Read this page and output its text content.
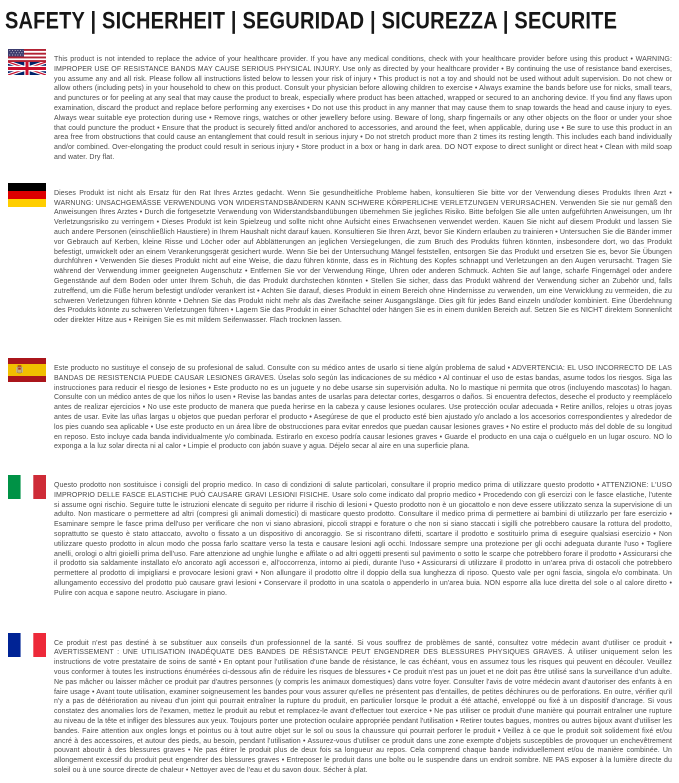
SAFETY | SICHERHEIT | SEGURIDAD | SICUREZZA | SECURITE

This product is not intended to replace the advice of your healthcare provider. If you have any medical conditions, check with your healthcare provider before using this product • WARNING: IMPROPER USE OF RESISTANCE BANDS MAY CAUSE SERIOUS PHYSICAL INJURY. Use only as directed by your healthcare provider • By continuing the use of resistance band exercises, you assume any and all risk. Please follow all instructions listed below to lessen your risk of injury • This product is not a toy and should not be used without adult supervision. Do not chew or allow others (including pets) in your household to chew on this product. Consult your physician before allowing children to exercise • Always examine the bands before use for nicks, small tears, and punctures or for peeling at any seal that may cause the product to break, especially where product has been attached, wrapped or secured to an anchoring device. If you find any flaws upon examination, discard the product and replace before performing any exercises • Do not use this product in any manner that may cause them to snap towards the head and cause injury to eyes. Always wear suitable eye protection during use • Remove rings, watches or other jewellery before using. Beware of long, sharp fingernails or any other objects on the floor or under your shoe that could puncture the product • Ensure that the product is securely fitted and/or anchored to accessories, and around the feet, when applicable, during use • Be sure to use this product in an area free from obstructions that could cause an entanglement that could result in serious injury • Do not stretch product more than 2 times its resting length. This includes each band individually and/or combined. Over-elongating the product could result in serious injury • Store product in a box or hang in dark area. DO NOT expose to direct sunlight or direct heat • Clean with mild soap and water. Dry flat.

Dieses Produkt ist nicht als Ersatz für den Rat Ihres Arztes gedacht. Wenn Sie gesundheitliche Probleme haben, konsultieren Sie bitte vor der Verwendung dieses Produkts Ihren Arzt • WARNUNG: UNSACHGEMÄSSE VERWENDUNG VON WIDERSTANDSBÄNDERN KANN SCHWERE KÖRPERLICHE VERLETZUNGEN VERURSACHEN. Verwenden Sie sie nur gemäß den Anweisungen Ihres Arztes • Durch die fortgesetzte Verwendung von Widerstandsbandübungen übernehmen Sie jegliches Risiko. Bitte befolgen Sie alle unten aufgeführten Anweisungen, um Ihr Verletzungsrisiko zu verringern • Dieses Produkt ist kein Spielzeug und sollte nicht ohne Aufsicht eines Erwachsenen verwendet werden. Kauen Sie nicht auf diesem Produkt und lassen Sie auch andere Personen (einschließlich Haustiere) in Ihrem Haushalt nicht darauf kauen. Konsultieren Sie Ihren Arzt, bevor Sie Kindern erlauben zu trainieren • Untersuchen Sie die Bänder immer vor Gebrauch auf Kerben, kleine Risse und Löcher oder auf Abblätterungen an jeglichen Versiegelungen, die zum Bruch des Produkts führen könnten, insbesondere dort, wo das Produkt befestigt, umwickelt oder an einem Verankerungsgerät gesichert wurde. Wenn Sie bei der Untersuchung Mängel feststellen, entsorgen Sie das Produkt und ersetzen Sie es, bevor Sie Übungen durchführen • Verwenden Sie dieses Produkt nicht auf eine Weise, die dazu führen könnte, dass es in Richtung des Kopfes schnappt und Verletzungen an den Augen verursacht. Tragen Sie während der Verwendung immer geeigneten Augenschutz • Entfernen Sie vor der Verwendung Ringe, Uhren oder anderen Schmuck. Achten Sie auf lange, scharfe Fingernägel oder andere Gegenstände auf dem Boden oder unter Ihrem Schuh, die das Produkt durchstechen könnten • Stellen Sie sicher, dass das Produkt während der Verwendung sicher an Zubehör und, falls zutreffend, um die Füße herum befestigt und/oder verankert ist • Achten Sie darauf, dieses Produkt in einem Bereich ohne Hindernisse zu verwenden, um eine Verwicklung zu vermeiden, die zu schweren Verletzungen führen könnte • Dehnen Sie das Produkt nicht mehr als das Zweifache seiner Ausgangslänge. Dies gilt für jedes Band einzeln und/oder kombiniert. Eine Überdehnung des Produkts könnte zu schweren Verletzungen führen • Lagern Sie das Produkt in einer Schachtel oder hängen Sie es in einem dunklen Bereich auf. Setzen Sie es NICHT direktem Sonnenlicht oder direkter Hitze aus • Reinigen Sie es mit mildem Seifenwasser. Flach trocknen lassen.

Este producto no sustituye el consejo de su profesional de salud. Consulte con su médico antes de usarlo si tiene algún problema de salud • ADVERTENCIA: EL USO INCORRECTO DE LAS BANDAS DE RESISTENCIA PUEDE CAUSAR LESIONES GRAVES. Úselas solo según las indicaciones de su médico • Al continuar el uso de estas bandas, asume todos los riesgos. Siga las instrucciones para reducir el riesgo de lesiones • Este producto no es un juguete y no debe usarse sin supervisión adulta. No lo mastique ni permita que otros (incluyendo mascotas) lo hagan. Consulte con un médico antes de que los niños lo usen • Revise las bandas antes de usarlas para detectar cortes, desgarros o daños. Si encuentra defectos, deseche el producto y reemplácelo antes de realizar ejercicios • No use este producto de manera que pueda herirse en la cabeza y cause lesiones oculares. Use protección ocular adecuada • Retire anillos, relojes u otras joyas antes de usar. Evite las uñas largas u objetos que puedan perforar el producto • Asegúrese de que el producto esté bien ajustado y/o anclado a los accesorios correspondientes y alrededor de los pies cuando sea aplicable • Use este producto en un área libre de obstrucciones para evitar enredos que puedan causar lesiones graves • No estire el producto más del doble de su longitud en reposo. Esto incluye cada banda individualmente y/o combinada. Estirarlo en exceso podría causar lesiones graves • Guarde el producto en una caja o cuélguelo en un lugar oscuro. NO lo exponga a la luz solar directa ni al calor • Limpie el producto con jabón suave y agua. Déjelo secar al aire en una superficie plana.

Questo prodotto non sostituisce i consigli del proprio medico. In caso di condizioni di salute particolari, consultare il proprio medico prima di utilizzare questo prodotto • ATTENZIONE: L'USO IMPROPRIO DELLE FASCE ELASTICHE PUÒ CAUSARE GRAVI LESIONI FISICHE. Usare solo come indicato dal proprio medico • Procedendo con gli esercizi con le fasce elastiche, l'utente si assume ogni rischio. Seguire tutte le istruzioni elencate di seguito per ridurre il rischio di lesioni • Questo prodotto non è un giocattolo e non deve essere utilizzato senza la supervisione di un adulto. Non masticare o permettere ad altri (compresi gli animali domestici) di masticare questo prodotto. Consultare il medico prima di permettere ai bambini di utilizzarlo per fare esercizio • Esaminare sempre le fasce prima dell'uso per verificare che non vi siano abrasioni, piccoli strappi e forature o che non si siano staccati i sigilli che potrebbero causare la rottura del prodotto, soprattutto se questo è stato attaccato, avvolto o fissato a un dispositivo di ancoraggio. Se si riscontrano difetti, scartare il prodotto e sostituirlo prima di eseguire qualsiasi esercizio • Non utilizzare questo prodotto in alcun modo che possa farlo scattare verso la testa e causare lesioni agli occhi. Indossare sempre una protezione per gli occhi adeguata durante l'uso • Togliere anelli, orologi o altri gioielli prima dell'uso. Fare attenzione ad unghie lunghe e affilate o ad altri oggetti presenti sul pavimento o sotto le scarpe che potrebbero forare il prodotto • Assicurarsi che il prodotto sia saldamente installato e/o ancorato agli accessori e, all'occorrenza, intorno ai piedi, durante l'uso • Assicurarsi di utilizzare il prodotto in un'area priva di ostacoli che potrebbero permettere al prodotto di impigliarsi e provocare lesioni gravi • Non allungare il prodotto oltre il doppio della sua lunghezza di riposo. Questo vale per ogni fascia, singola e/o combinata. Un allungamento eccessivo del prodotto può causare gravi lesioni • Conservare il prodotto in una scatola o appenderlo in un'area buia. NON esporre alla luce diretta del sole o al calore diretto • Pulire con acqua e sapone neutro. Asciugare in piano.

Ce produit n'est pas destiné à se substituer aux conseils d'un professionnel de la santé. Si vous souffrez de problèmes de santé, consultez votre médecin avant d'utiliser ce produit • AVERTISSEMENT : UNE UTILISATION INADÉQUATE DES BANDES DE RÉSISTANCE PEUT ENGENDRER DES BLESSURES PHYSIQUES GRAVES. À utiliser uniquement selon les instructions de votre prestataire de soins de santé • En optant pour l'utilisation d'une bande de résistance, le cas échéant, vous en assumez tous les risques qui peuvent en découler. Veuillez vous conformer à toutes les instructions énumérées ci-dessous afin de réduire les risques de blessures • Ce produit n'est pas un jouet et ne doit pas être utilisé sans la surveillance d'un adulte. Ne pas mâcher ou laisser mâcher ce produit par d'autres personnes (y compris les animaux domestiques) dans votre foyer. Consulter l'avis de votre médecin avant d'autoriser des enfants à en faire usage • Avant toute utilisation, examiner soigneusement les bandes pour vous assurer qu'elles ne présentent pas d'entailles, de petites déchirures ou de perforations. En outre, vérifier qu'il n'y a pas de détérioration au niveau d'un joint qui pourrait entraîner la rupture du produit, en particulier lorsque le produit a été attaché, enveloppé ou fixé à un dispositif d'ancrage. Si vous constatez des anomalies lors de l'examen, mettez le produit au rebut et remplacez-le avant d'effectuer tout exercice • Ne pas utiliser ce produit d'une manière qui pourrait entraîner une rupture au niveau de la tête et infliger des blessures aux yeux. Toujours porter une protection oculaire appropriée pendant l'utilisation • Retirer toutes bagues, montres ou autres bijoux avant d'utiliser les bandes. Faire attention aux ongles longs et pointus ou à tout autre objet sur le sol ou sous la chaussure qui pourrait perforer le produit • Veillez à ce que le produit soit solidement fixé et/ou ancré à des accessoires, et autour des pieds, au besoin, pendant l'utilisation • Assurez-vous d'utiliser ce produit dans une zone exempte d'objets susceptibles de provoquer un enchevêtrement pouvant aboutir à des blessures graves • Ne pas étirer le produit plus de deux fois sa longueur au repos. Cela comprend chaque bande individuellement et/ou de manière combinée. Un allongement excessif du produit peut engendrer des blessures graves • Entreposer le produit dans une boîte ou le suspendre dans un endroit sombre. NE PAS exposer à la lumière directe du soleil ou à une source directe de chaleur • Nettoyer avec de l'eau et du savon doux. Sécher à plat.
